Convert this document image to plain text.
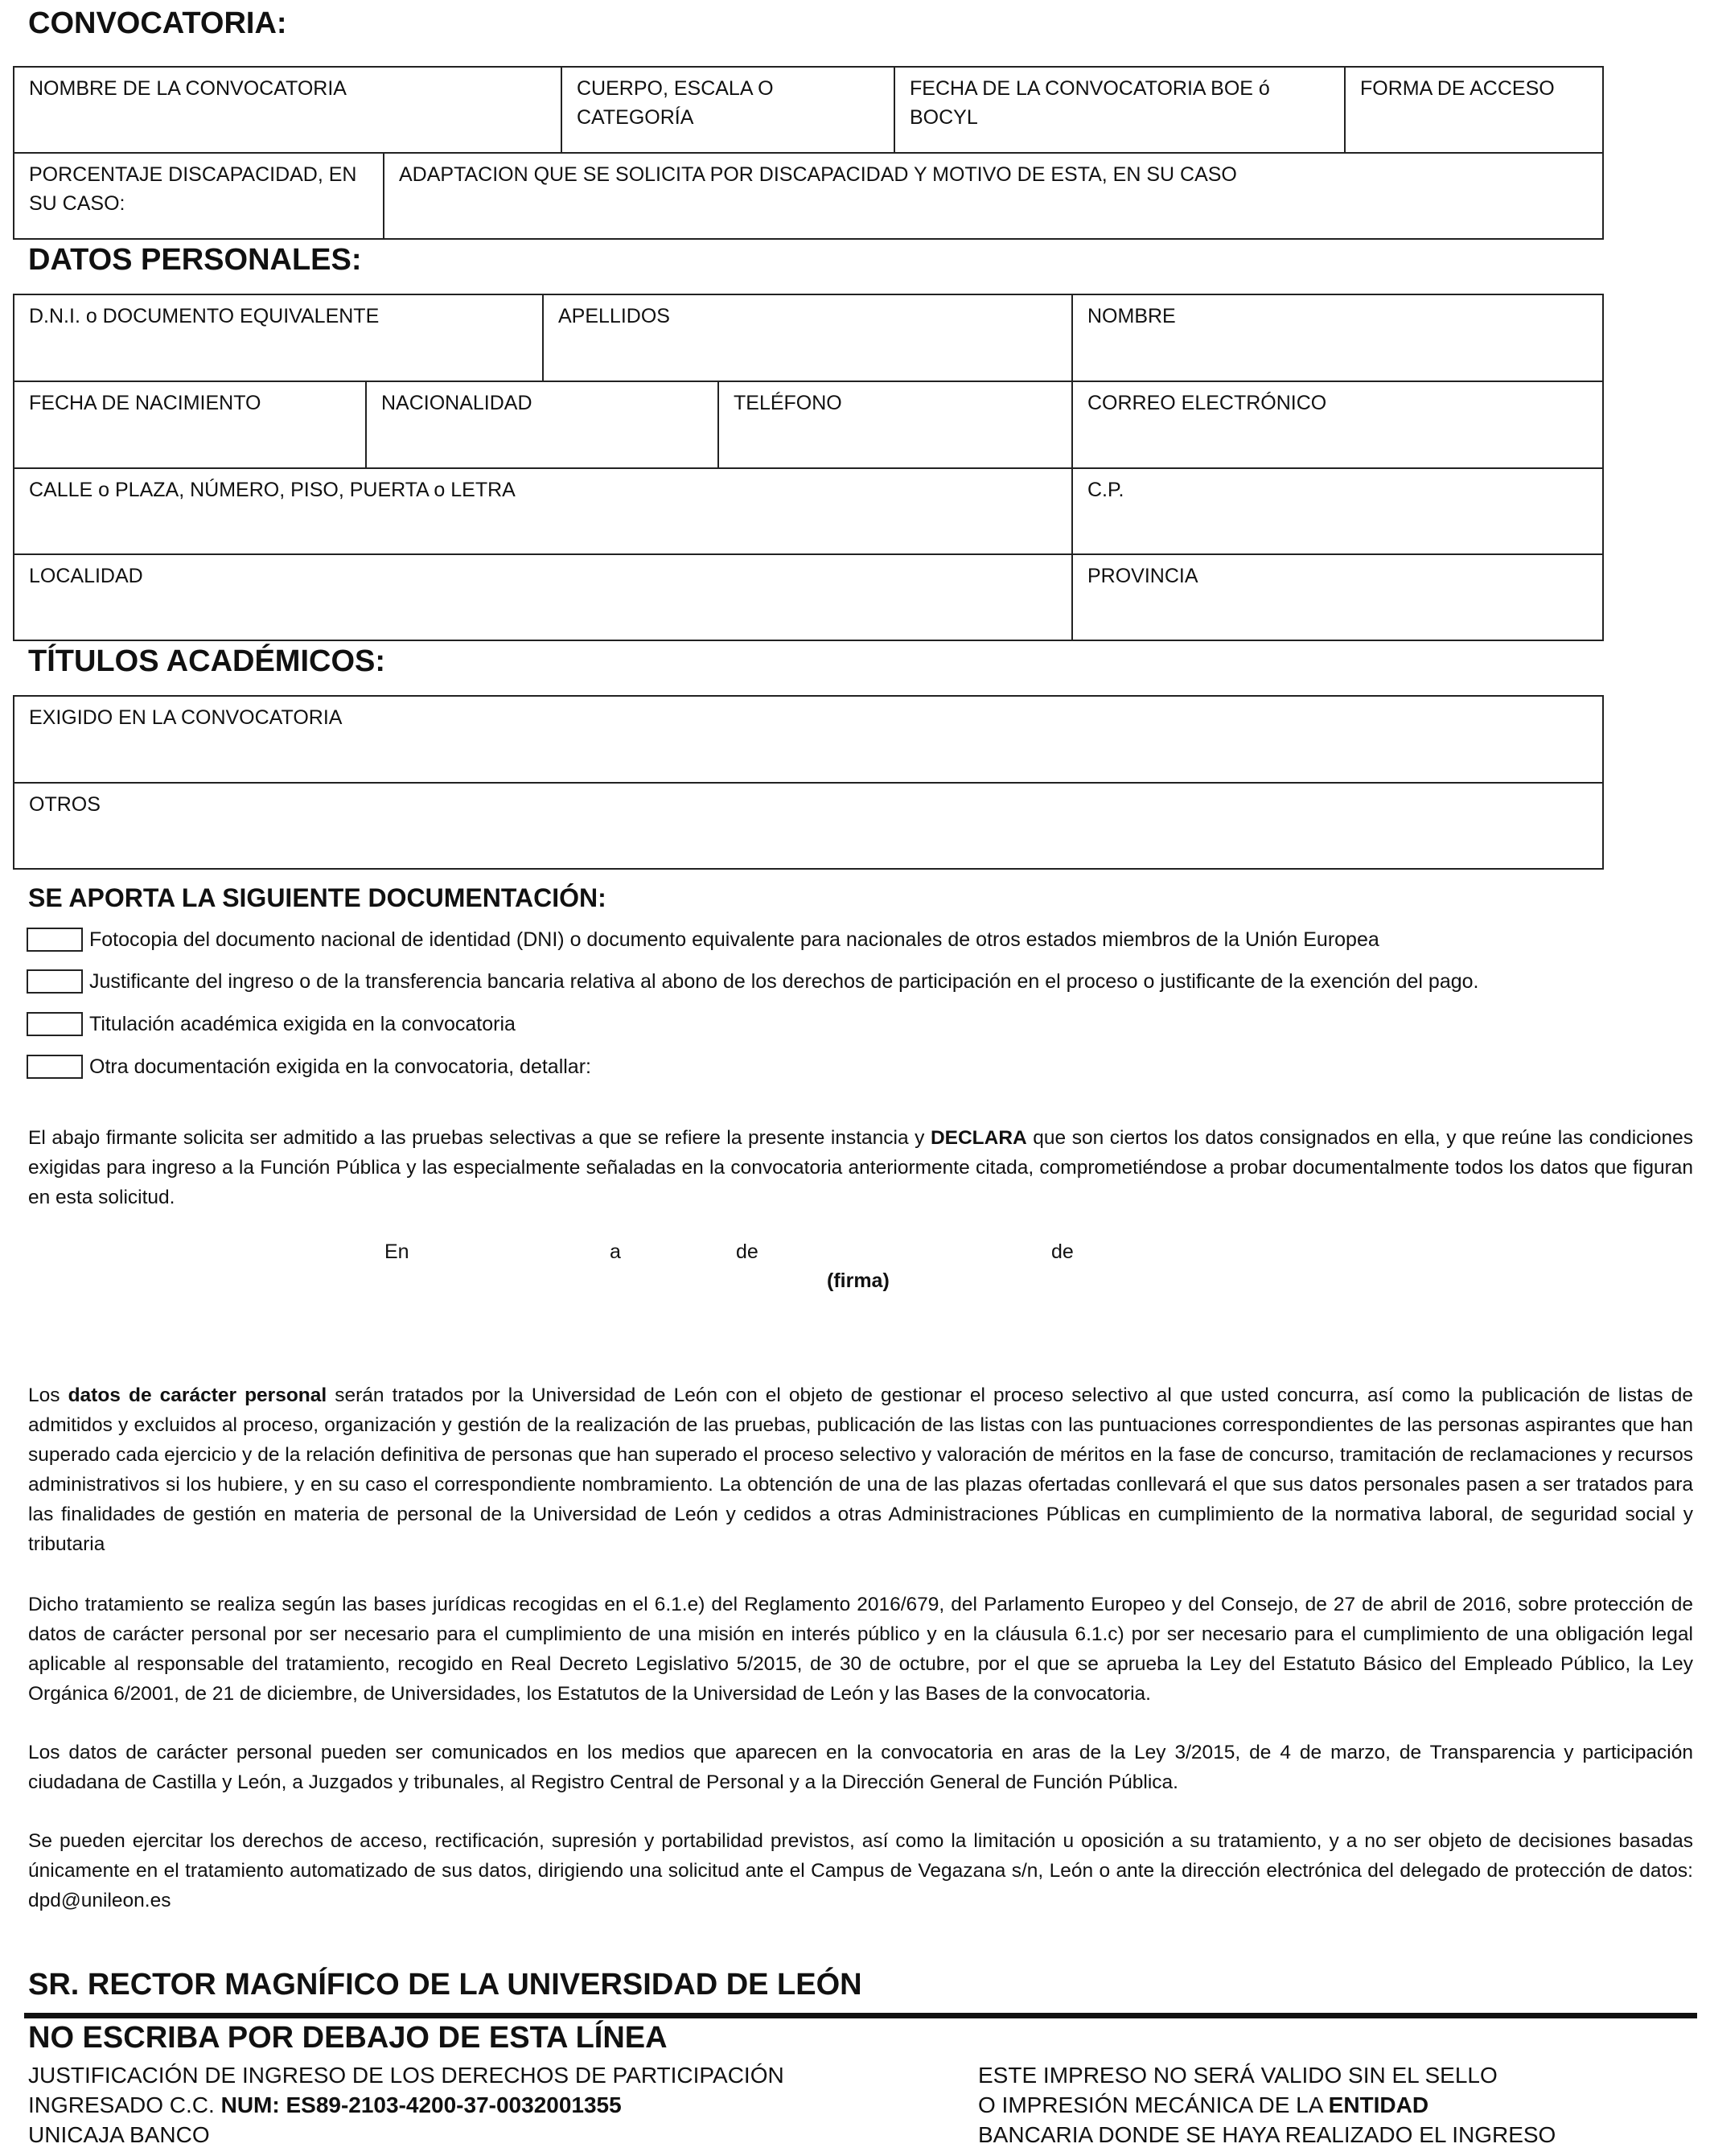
CONVOCATORIA:
NOMBRE DE LA CONVOCATORIA	CUERPO, ESCALA O CATEGORÍA	FECHA DE LA CONVOCATORIA BOE ó BOCYL	FORMA DE ACCESO
PORCENTAJE DISCAPACIDAD, EN SU CASO:	ADAPTACION QUE SE SOLICITA POR DISCAPACIDAD Y MOTIVO DE ESTA, EN SU CASO
DATOS PERSONALES:
D.N.I. o DOCUMENTO EQUIVALENTE	APELLIDOS	NOMBRE
FECHA DE NACIMIENTO	NACIONALIDAD	TELÉFONO	CORREO ELECTRÓNICO
CALLE o PLAZA, NÚMERO, PISO, PUERTA o LETRA	C.P.
LOCALIDAD	PROVINCIA
TÍTULOS ACADÉMICOS:
EXIGIDO EN LA CONVOCATORIA
OTROS
SE APORTA LA SIGUIENTE DOCUMENTACIÓN:
Fotocopia del documento nacional de identidad (DNI) o documento equivalente para nacionales de otros estados miembros de la Unión Europea
Justificante del ingreso o de la transferencia bancaria relativa al abono de los derechos de participación en el proceso o justificante de la exención del pago.
Titulación académica exigida en la convocatoria
Otra documentación exigida en la convocatoria, detallar:

El abajo firmante solicita ser admitido a las pruebas selectivas a que se refiere la presente instancia y DECLARA que son ciertos los datos consignados en ella, y que reúne las condiciones exigidas para ingreso a la Función Pública y las especialmente señaladas en la convocatoria anteriormente citada, comprometiéndose a probar documentalmente todos los datos que figuran en esta solicitud.

En	a	de	de
(firma)

Los datos de carácter personal serán tratados por la Universidad de León con el objeto de gestionar el proceso selectivo al que usted concurra, así como la publicación de listas de admitidos y excluidos al proceso, organización y gestión de la realización de las pruebas, publicación de las listas con las puntuaciones correspondientes de las personas aspirantes que han superado cada ejercicio y de la relación definitiva de personas que han superado el proceso selectivo y valoración de méritos en la fase de concurso, tramitación de reclamaciones y recursos administrativos si los hubiere, y en su caso el correspondiente nombramiento. La obtención de una de las plazas ofertadas conllevará el que sus datos personales pasen a ser tratados para las finalidades de gestión en materia de personal de la Universidad de León y cedidos a otras Administraciones Públicas en cumplimiento de la normativa laboral, de seguridad social y tributaria

Dicho tratamiento se realiza según las bases jurídicas recogidas en el 6.1.e) del Reglamento 2016/679, del Parlamento Europeo y del Consejo, de 27 de abril de 2016, sobre protección de datos de carácter personal por ser necesario para el cumplimiento de una misión en interés público y en la cláusula 6.1.c) por ser necesario para el cumplimiento de una obligación legal aplicable al responsable del tratamiento, recogido en Real Decreto Legislativo 5/2015, de 30 de octubre, por el que se aprueba la Ley del Estatuto Básico del Empleado Público, la Ley Orgánica 6/2001, de 21 de diciembre, de Universidades, los Estatutos de la Universidad de León y las Bases de la convocatoria.

Los datos de carácter personal pueden ser comunicados en los medios que aparecen en la convocatoria en aras de la Ley 3/2015, de 4 de marzo, de Transparencia y participación ciudadana de Castilla y León, a Juzgados y tribunales, al Registro Central de Personal y a la Dirección General de Función Pública.

Se pueden ejercitar los derechos de acceso, rectificación, supresión y portabilidad previstos, así como la limitación u oposición a su tratamiento, y a no ser objeto de decisiones basadas únicamente en el tratamiento automatizado de sus datos, dirigiendo una solicitud ante el Campus de Vegazana s/n, León o ante la dirección electrónica del delegado de protección de datos: dpd@unileon.es

SR. RECTOR MAGNÍFICO DE LA UNIVERSIDAD DE LEÓN
NO ESCRIBA POR DEBAJO DE ESTA LÍNEA
JUSTIFICACIÓN DE INGRESO DE LOS DERECHOS DE PARTICIPACIÓN
INGRESADO C.C. NUM: ES89-2103-4200-37-0032001355
UNICAJA BANCO
ESTE IMPRESO NO SERÁ VALIDO SIN EL SELLO
O IMPRESIÓN MECÁNICA DE LA ENTIDAD
BANCARIA DONDE SE HAYA REALIZADO EL INGRESO
